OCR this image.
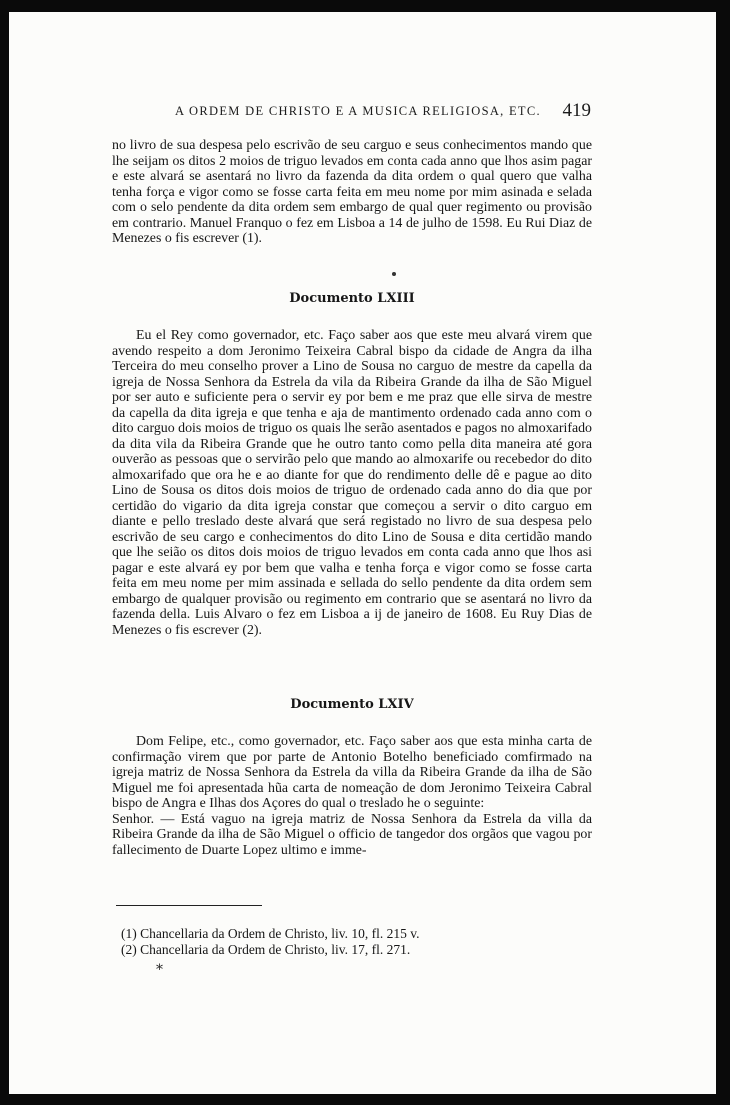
A ORDEM DE CHRISTO E A MUSICA RELIGIOSA, ETC. 419

no livro de sua despesa pelo escrivão de seu carguo e seus conhecimentos mando que lhe seijam os ditos 2 moios de triguo levados em conta cada anno que lhos asim pagar e este alvará se asentará no livro da fazenda da dita ordem o qual quero que valha tenha força e vigor como se fosse carta feita em meu nome por mim asinada e selada com o selo pendente da dita ordem sem embargo de qual quer regimento ou provisão em contrario. Manuel Franquo o fez em Lisboa a 14 de julho de 1598. Eu Rui Diaz de Menezes o fis escrever (1).

Documento LXIII

Eu el Rey como governador, etc. Faço saber aos que este meu alvará virem que avendo respeito a dom Jeronimo Teixeira Cabral bispo da cidade de Angra da ilha Terceira do meu conselho prover a Lino de Sousa no carguo de mestre da capella da igreja de Nossa Senhora da Estrela da vila da Ribeira Grande da ilha de São Miguel por ser auto e suficiente pera o servir ey por bem e me praz que elle sirva de mestre da capella da dita igreja e que tenha e aja de mantimento ordenado cada anno com o dito carguo dois moios de triguo os quais lhe serão asentados e pagos no almoxarifado da dita vila da Ribeira Grande que he outro tanto como pella dita maneira até gora ouverão as pessoas que o servirão pelo que mando ao almoxarife ou recebedor do dito almoxarifado que ora he e ao diante for que do rendimento delle dê e pague ao dito Lino de Sousa os ditos dois moios de triguo de ordenado cada anno do dia que por certidão do vigario da dita igreja constar que começou a servir o dito carguo em diante e pello treslado deste alvará que será registado no livro de sua despesa pelo escrivão de seu cargo e conhecimentos do dito Lino de Sousa e dita certidão mando que lhe seião os ditos dois moios de triguo levados em conta cada anno que lhos asi pagar e este alvará ey por bem que valha e tenha força e vigor como se fosse carta feita em meu nome per mim assinada e sellada do sello pendente da dita ordem sem embargo de qualquer provisão ou regimento em contrario que se asentará no livro da fazenda della. Luis Alvaro o fez em Lisboa a ij de janeiro de 1608. Eu Ruy Dias de Menezes o fis escrever (2).

Documento LXIV

Dom Felipe, etc., como governador, etc. Faço saber aos que esta minha carta de confirmação virem que por parte de Antonio Botelho beneficiado comfirmado na igreja matriz de Nossa Senhora da Estrela da villa da Ribeira Grande da ilha de São Miguel me foi apresentada hũa carta de nomeação de dom Jeronimo Teixeira Cabral bispo de Angra e Ilhas dos Açores do qual o treslado he o seguinte:

Senhor. — Está vaguo na igreja matriz de Nossa Senhora da Estrela da villa da Ribeira Grande da ilha de São Miguel o officio de tangedor dos orgãos que vagou por fallecimento de Duarte Lopez ultimo e imme-

(1) Chancellaria da Ordem de Christo, liv. 10, fl. 215 v.
(2) Chancellaria da Ordem de Christo, liv. 17, fl. 271.
*
